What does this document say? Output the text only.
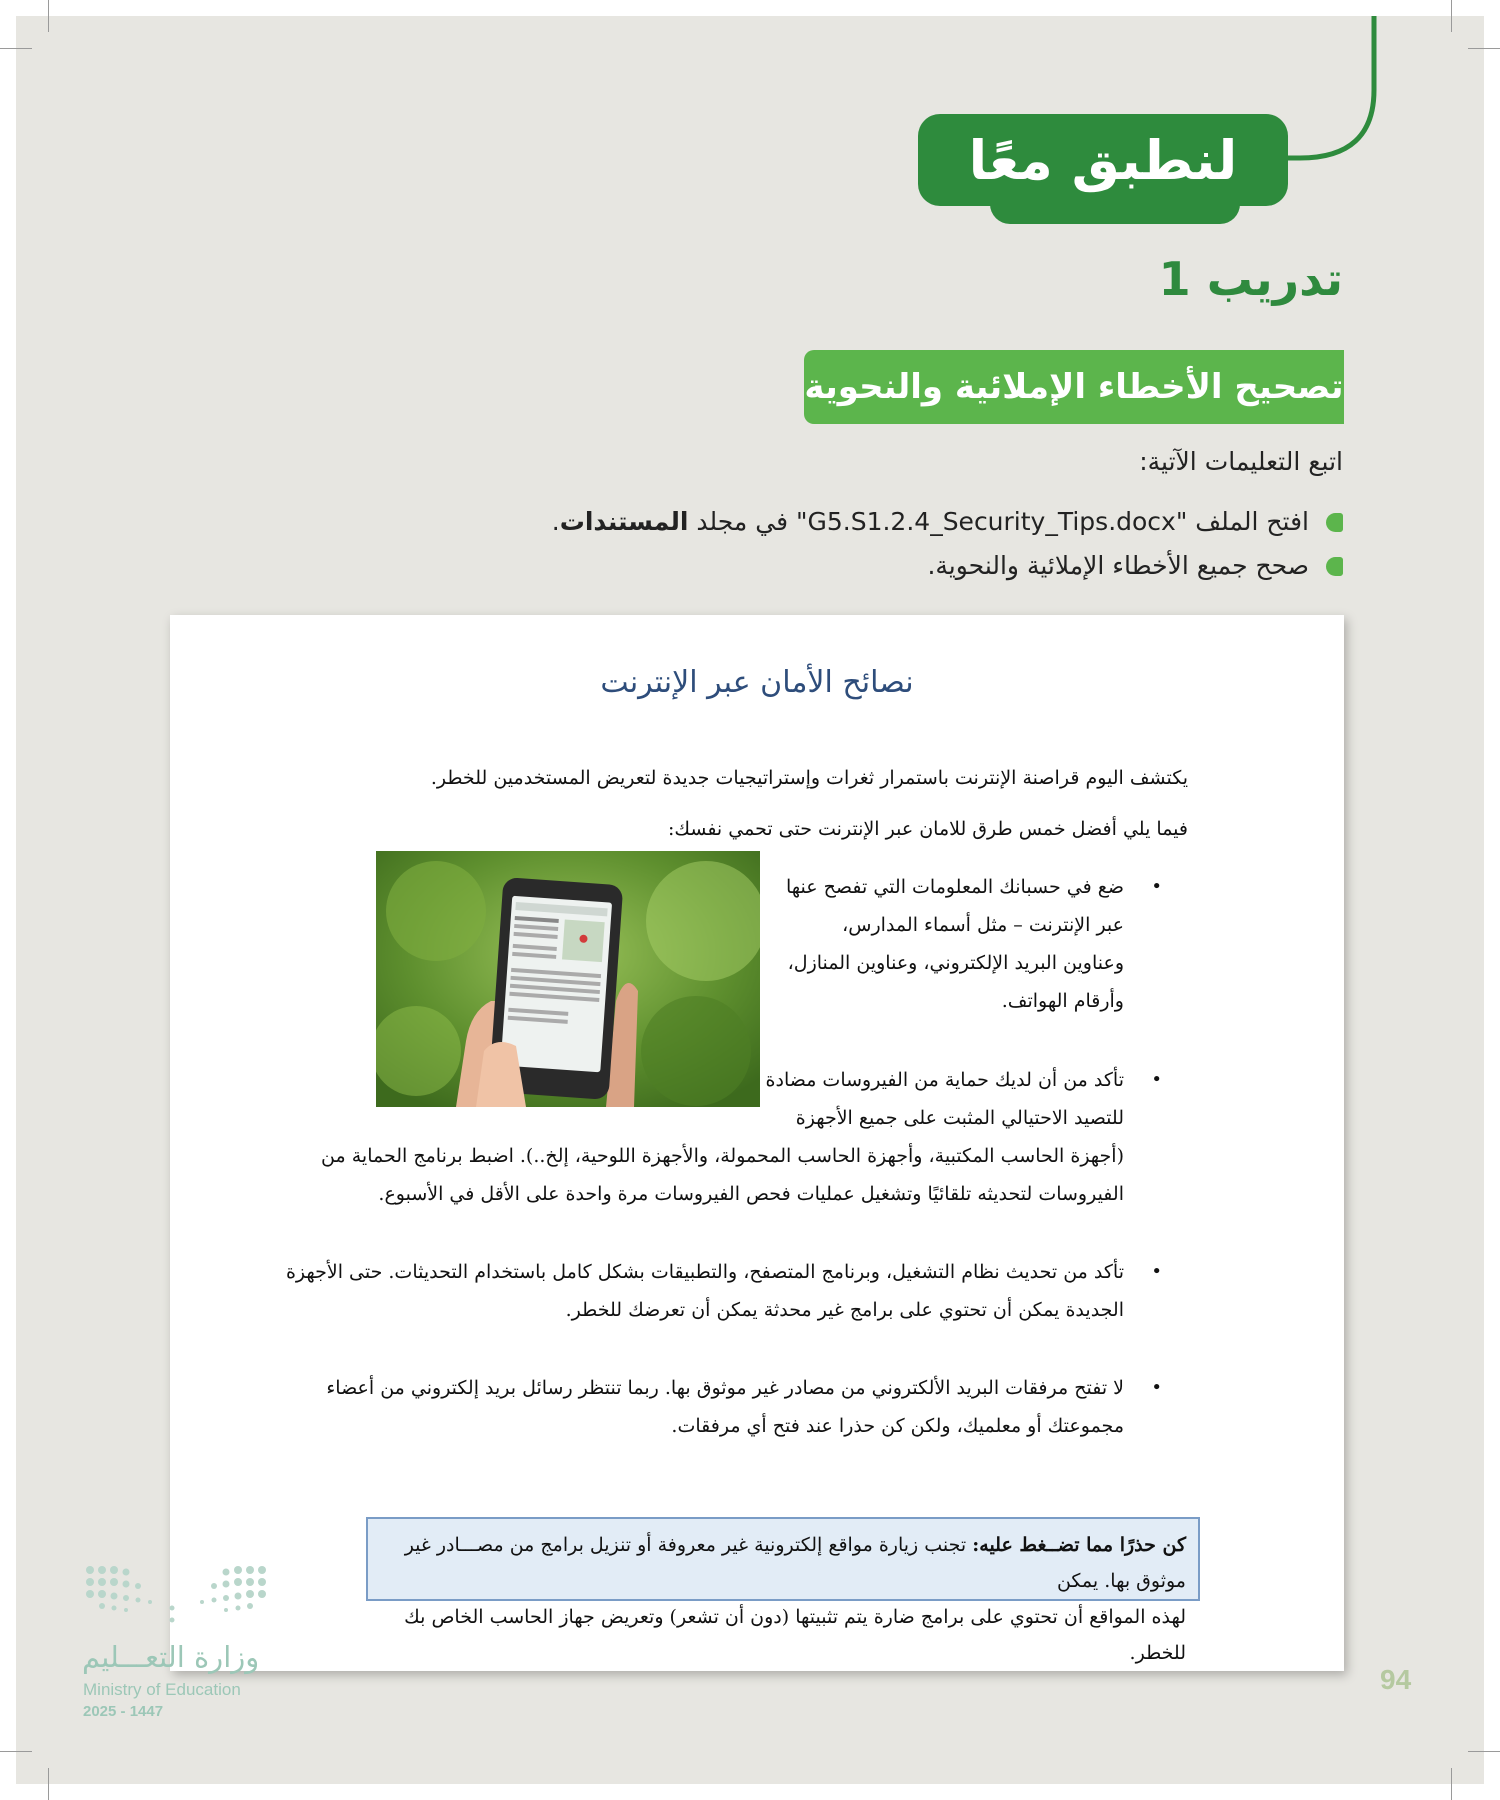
لنطبق معًا
تدريب 1
تصحيح الأخطاء الإملائية والنحوية
اتبع التعليمات الآتية:
افتح الملف "G5.S1.2.4_Security_Tips.docx" في مجلد المستندات.
صحح جميع الأخطاء الإملائية والنحوية.
نصائح الأمان عبر الإنترنت
يكتشف اليوم قراصنة الإنترنت باستمرار ثغرات وإستراتيجيات جديدة لتعريض المستخدمين للخطر.
فيما يلي أفضل خمس طرق للامان عبر الإنترنت حتى تحمي نفسك:
•
ضع في حسبانك المعلومات التي تفصح عنها
عبر الإنترنت – مثل أسماء المدارس،
وعناوين البريد الإلكتروني، وعناوين المنازل،
وأرقام الهواتف.
•
تأكد من أن لديك حماية من الفيروسات مضادة
للتصيد الاحتيالي المثبت على جميع الأجهزة
(أجهزة الحاسب المكتبية، وأجهزة الحاسب المحمولة، والأجهزة اللوحية، إلخ..). اضبط برنامج الحماية من
الفيروسات لتحديثه تلقائيًا وتشغيل عمليات فحص الفيروسات مرة واحدة على الأقل في الأسبوع.
•
تأكد من تحديث نظام التشغيل، وبرنامج المتصفح، والتطبيقات بشكل كامل باستخدام التحديثات. حتى الأجهزة
الجديدة يمكن أن تحتوي على برامج غير محدثة يمكن أن تعرضك للخطر.
•
لا تفتح مرفقات البريد الألكتروني من مصادر غير موثوق بها. ربما تنتظر رسائل بريد إلكتروني من أعضاء
مجموعتك أو معلميك، ولكن كن حذرا عند فتح أي مرفقات.
كن حذرًا مما تضــغط عليه: تجنب زيارة مواقع إلكترونية غير معروفة أو تنزيل برامج من مصـــادر غير موثوق بها. يمكن
لهذه المواقع أن تحتوي على برامج ضارة يتم تثبيتها (دون أن تشعر) وتعريض جهاز الحاسب الخاص بك للخطر.
وزارة التعـــليم
Ministry of Education
2025 - 1447
94
